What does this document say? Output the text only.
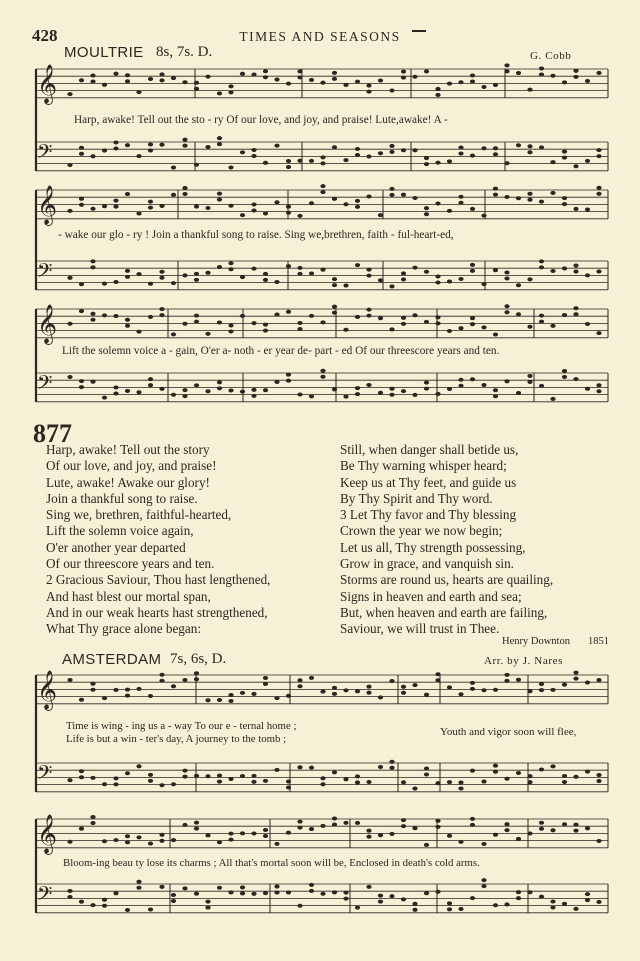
428	TIMES AND SEASONS
MOULTRIE 8s, 7s. D.	G. Cobb
𝄞
𝄢
𝄞
𝄢
𝄞
𝄢
𝄞
𝄢
𝄞
𝄢
Harp, awake! Tell out the sto - ry Of our love, and joy, and praise! Lute,awake! A -
- wake our glo - ry ! Join a thankful song to raise. Sing we,brethren, faith - ful-heart-ed,
Lift the solemn voice a - gain, O'er a- noth - er year de- part - ed Of our threescore years and ten.
877
Harp, awake! Tell out the story
Of our love, and joy, and praise!
Lute, awake! Awake our glory!
Join a thankful song to raise.
Sing we, brethren, faithful-hearted,
Lift the solemn voice again,
O'er another year departed
Of our threescore years and ten.
2 Gracious Saviour, Thou hast lengthened,
And hast blest our mortal span,
And in our weak hearts hast strengthened,
What Thy grace alone began:
Still, when danger shall betide us,
Be Thy warning whisper heard;
Keep us at Thy feet, and guide us
By Thy Spirit and Thy word.
3 Let Thy favor and Thy blessing
Crown the year we now begin;
Let us all, Thy strength possessing,
Grow in grace, and vanquish sin.
Storms are round us, hearts are quailing,
Signs in heaven and earth and sea;
But, when heaven and earth are failing,
Saviour, we will trust in Thee.
Henry Downton 1851
AMSTERDAM 7s, 6s, D.	Arr. by J. Nares
Time is wing - ing us a - way To our e - ternal home ;
Life is but a win - ter's day, A journey to the tomb ;
Youth and vigor soon will flee,
Bloom-ing beau ty lose its charms ; All that's mortal soon will be, Enclosed in death's cold arms.
